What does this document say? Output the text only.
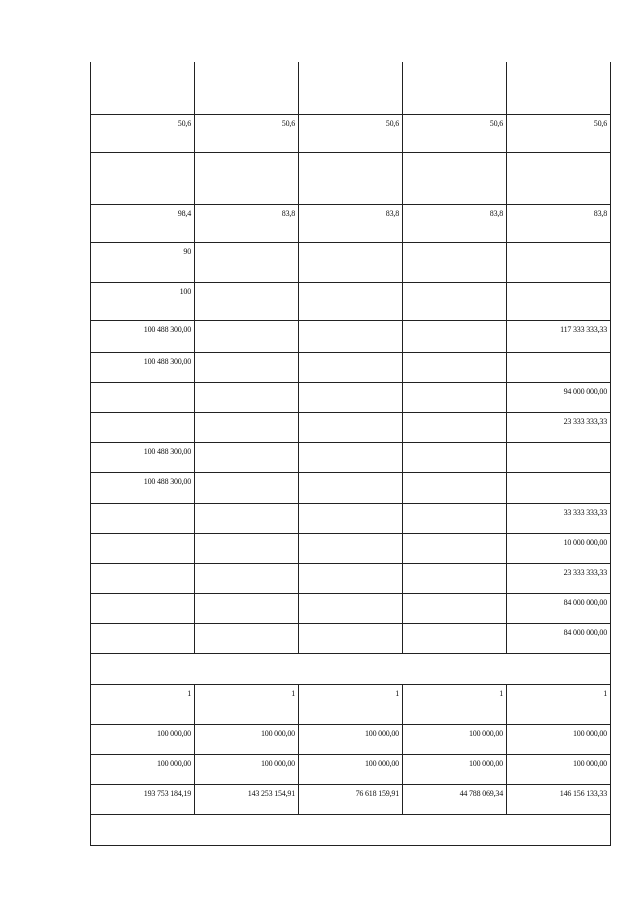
50,6	50,6	50,6	50,6	50,6

98,4	83,8	83,8	83,8	83,8

90				

100				

100 488 300,00				117 333 333,33

100 488 300,00				

				94 000 000,00

				23 333 333,33

100 488 300,00				

100 488 300,00				

				33 333 333,33

				10 000 000,00

				23 333 333,33

				84 000 000,00

				84 000 000,00

1	1	1	1	1

100 000,00	100 000,00	100 000,00	100 000,00	100 000,00

100 000,00	100 000,00	100 000,00	100 000,00	100 000,00

193 753 184,19	143 253 154,91	76 618 159,91	44 788 069,34	146 156 133,33
